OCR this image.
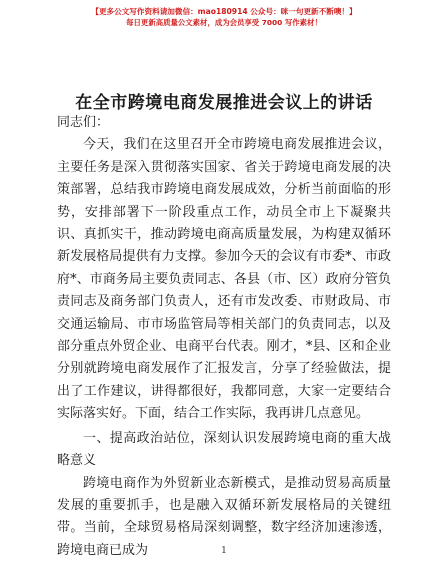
【更多公文写作资料请加微信：mao180914 公众号：咪一句更新不断噢！】
每日更新高质量公文素材，成为会员享受 7000 写作素材！
在全市跨境电商发展推进会议上的讲话

同志们：

今天，我们在这里召开全市跨境电商发展推进会议，主要任务是深入贯彻落实国家、省关于跨境电商发展的决策部署，总结我市跨境电商发展成效，分析当前面临的形势，安排部署下一阶段重点工作，动员全市上下凝聚共识、真抓实干，推动跨境电商高质量发展，为构建双循环新发展格局提供有力支撑。参加今天的会议有市委*、市政府*、市商务局主要负责同志、各县（市、区）政府分管负责同志及商务部门负责人，还有市发改委、市财政局、市交通运输局、市市场监管局等相关部门的负责同志，以及部分重点外贸企业、电商平台代表。刚才，*县、区和企业分别就跨境电商发展作了汇报发言，分享了经验做法，提出了工作建议，讲得都很好，我都同意，大家一定要结合实际落实好。下面，结合工作实际，我再讲几点意见。

一、提高政治站位，深刻认识发展跨境电商的重大战略意义

跨境电商作为外贸新业态新模式，是推动贸易高质量发展的重要抓手，也是融入双循环新发展格局的关键纽带。当前，全球贸易格局深刻调整，数字经济加速渗透，跨境电商已成为	1
